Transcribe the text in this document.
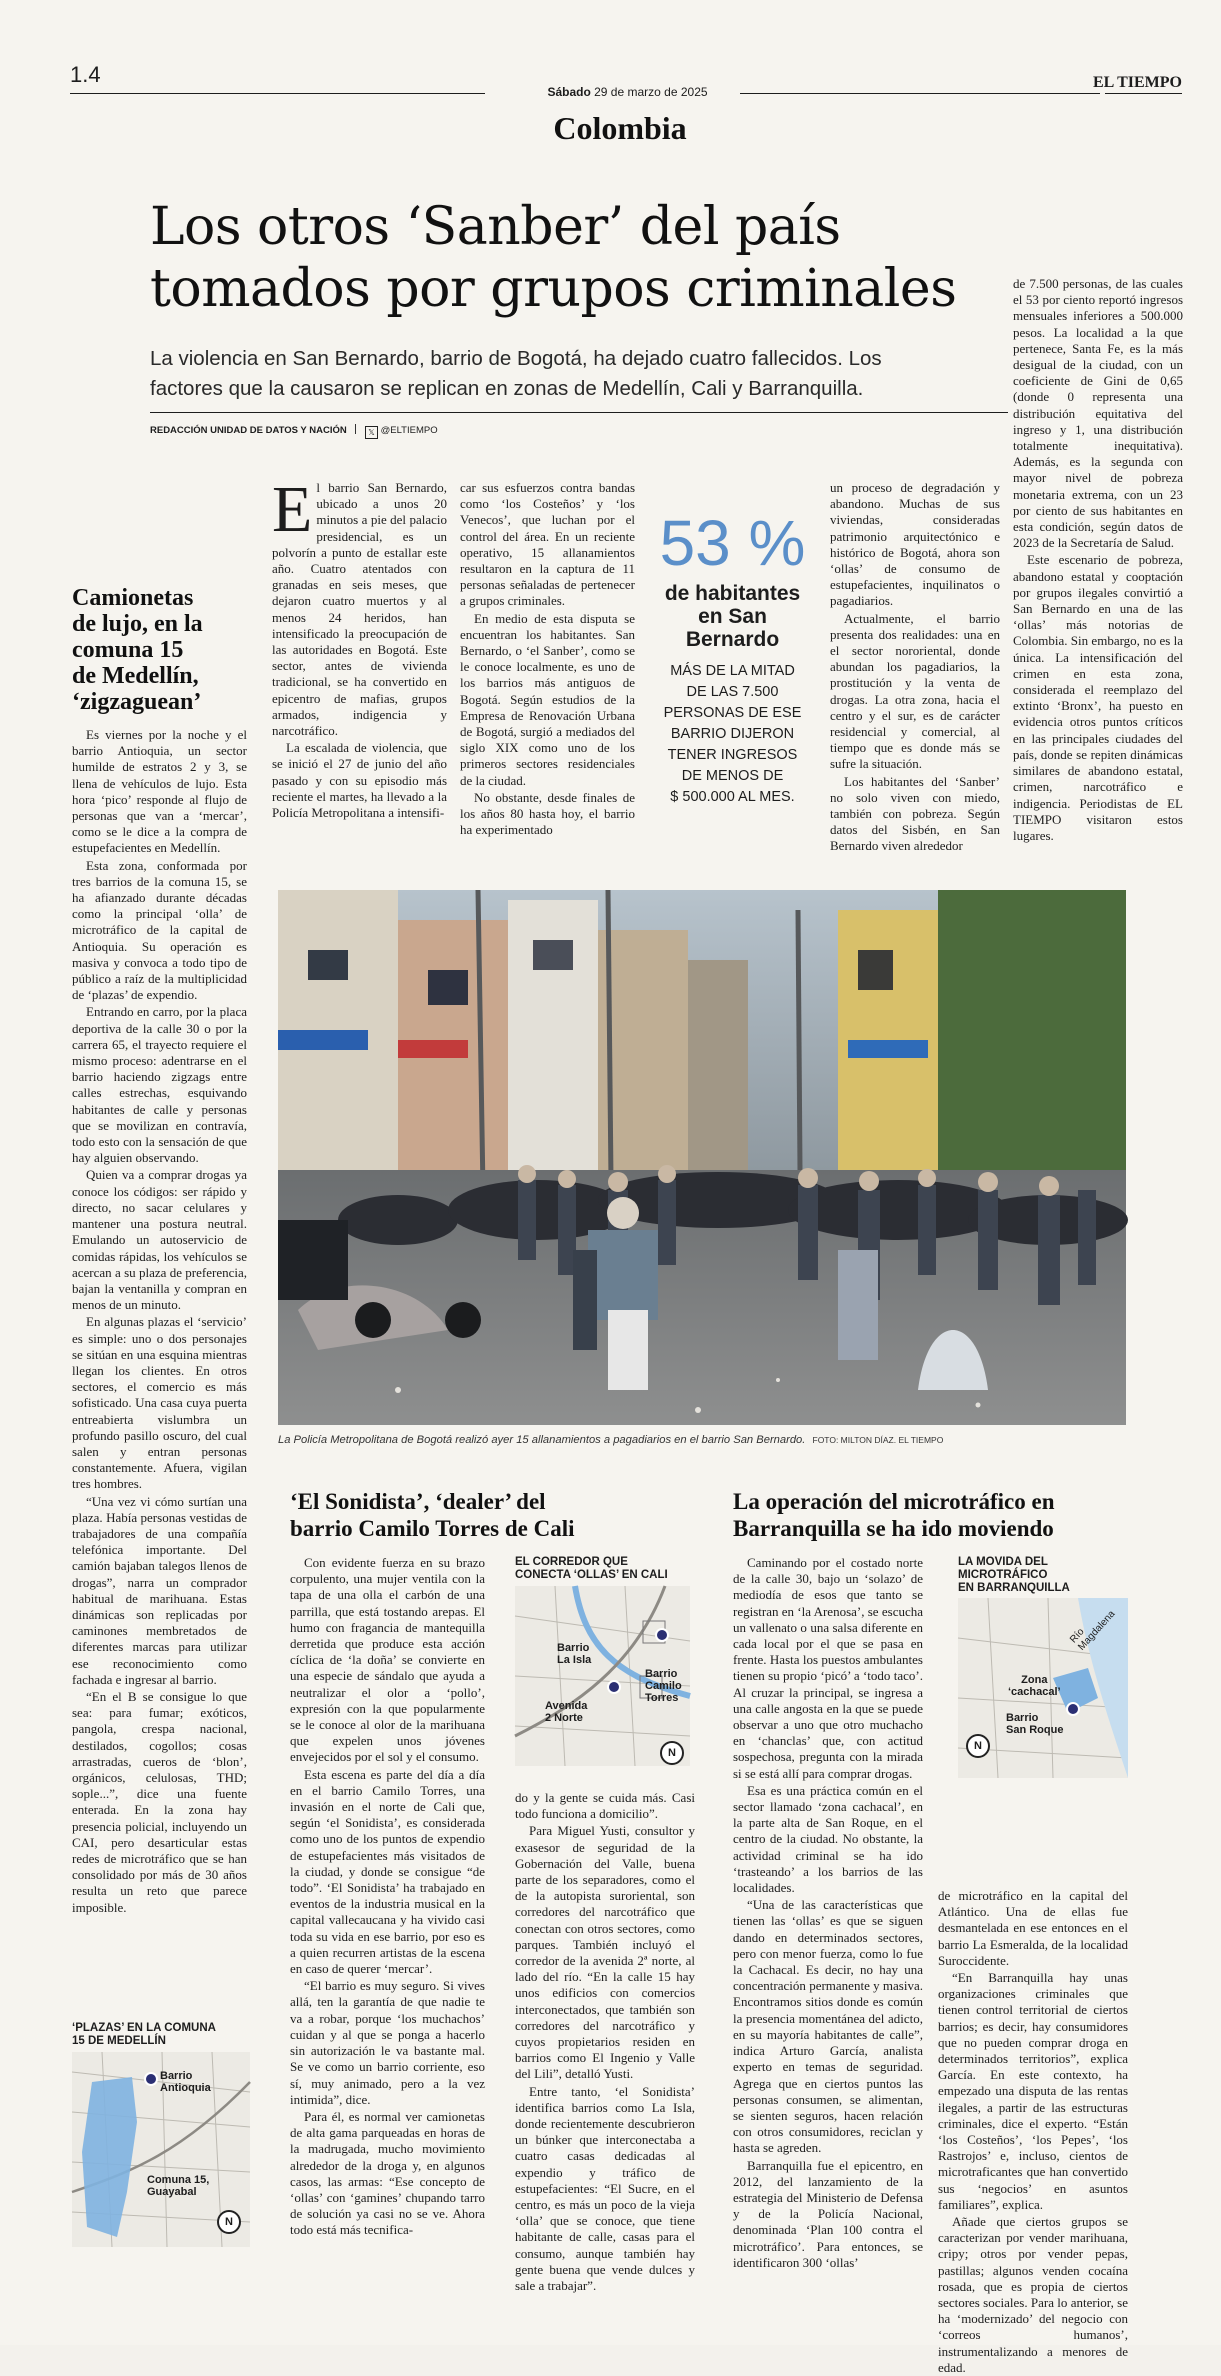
1.4
Sábado 29 de marzo de 2025
EL TIEMPO
Colombia
Los otros ‘Sanber’ del país
tomados por grupos criminales
La violencia en San Bernardo, barrio de Bogotá, ha dejado cuatro fallecidos. Los
factores que la causaron se replican en zonas de Medellín, Cali y Barranquilla.
REDACCIÓN UNIDAD DE DATOS Y NACIÓN	𝕏 @ELTIEMPO
E l barrio San Bernardo, ubicado a unos 20 minutos a pie del palacio presidencial, es un polvorín a punto de estallar este año. Cuatro atentados con granadas en seis meses, que dejaron cuatro muertos y al menos 24 heridos, han intensificado la preocupación de las autoridades en Bogotá. Este sector, antes de vivienda tradicional, se ha convertido en epicentro de mafias, grupos armados, indigencia y narcotráfico.

La escalada de violencia, que se inició el 27 de junio del año pasado y con su episodio más reciente el martes, ha llevado a la Policía Metropolitana a intensifi-

car sus esfuerzos contra bandas como ‘los Costeños’ y ‘los Venecos’, que luchan por el control del área. En un reciente operativo, 15 allanamientos resultaron en la captura de 11 personas señaladas de pertenecer a grupos criminales.

En medio de esta disputa se encuentran los habitantes. San Bernardo, o ‘el Sanber’, como se le conoce localmente, es uno de los barrios más antiguos de Bogotá. Según estudios de la Empresa de Renovación Urbana de Bogotá, surgió a mediados del siglo XIX como uno de los primeros sectores residenciales de la ciudad.

No obstante, desde finales de los años 80 hasta hoy, el barrio ha experimentado

53 %
de habitantes
en San
Bernardo
MÁS DE LA MITAD
DE LAS 7.500
PERSONAS DE ESE
BARRIO DIJERON
TENER INGRESOS
DE MENOS DE
$ 500.000 AL MES.

un proceso de degradación y abandono. Muchas de sus viviendas, consideradas patrimonio arquitectónico e histórico de Bogotá, ahora son ‘ollas’ de consumo de estupefacientes, inquilinatos o pagadiarios.

Actualmente, el barrio presenta dos realidades: una en el sector nororiental, donde abundan los pagadiarios, la prostitución y la venta de drogas. La otra zona, hacia el centro y el sur, es de carácter residencial y comercial, al tiempo que es donde más se sufre la situación.

Los habitantes del ‘Sanber’ no solo viven con miedo, también con pobreza. Según datos del Sisbén, en San Bernardo viven alrededor

de 7.500 personas, de las cuales el 53 por ciento reportó ingresos mensuales inferiores a 500.000 pesos. La localidad a la que pertenece, Santa Fe, es la más desigual de la ciudad, con un coeficiente de Gini de 0,65 (donde 0 representa una distribución equitativa del ingreso y 1, una distribución totalmente inequitativa). Además, es la segunda con mayor nivel de pobreza monetaria extrema, con un 23 por ciento de sus habitantes en esta condición, según datos de 2023 de la Secretaría de Salud.

Este escenario de pobreza, abandono estatal y cooptación por grupos ilegales convirtió a San Bernardo en una de las ‘ollas’ más notorias de Colombia. Sin embargo, no es la única. La intensificación del crimen en esta zona, considerada el reemplazo del extinto ‘Bronx’, ha puesto en evidencia otros puntos críticos en las principales ciudades del país, donde se repiten dinámicas similares de abandono estatal, crimen, narcotráfico e indigencia. Periodistas de EL TIEMPO visitaron estos lugares.

Camionetas
de lujo, en la
comuna 15
de Medellín,
‘zigzaguean’

Es viernes por la noche y el barrio Antioquia, un sector humilde de estratos 2 y 3, se llena de vehículos de lujo. Esta hora ‘pico’ responde al flujo de personas que van a ‘mercar’, como se le dice a la compra de estupefacientes en Medellín.

Esta zona, conformada por tres barrios de la comuna 15, se ha afianzado durante décadas como la principal ‘olla’ de microtráfico de la capital de Antioquia. Su operación es masiva y convoca a todo tipo de público a raíz de la multiplicidad de ‘plazas’ de expendio.

Entrando en carro, por la placa deportiva de la calle 30 o por la carrera 65, el trayecto requiere el mismo proceso: adentrarse en el barrio haciendo zigzags entre calles estrechas, esquivando habitantes de calle y personas que se movilizan en contravía, todo esto con la sensación de que hay alguien observando.

Quien va a comprar drogas ya conoce los códigos: ser rápido y directo, no sacar celulares y mantener una postura neutral. Emulando un autoservicio de comidas rápidas, los vehículos se acercan a su plaza de preferencia, bajan la ventanilla y compran en menos de un minuto.

En algunas plazas el ‘servicio’ es simple: uno o dos personajes se sitúan en una esquina mientras llegan los clientes. En otros sectores, el comercio es más sofisticado. Una casa cuya puerta entreabierta vislumbra un profundo pasillo oscuro, del cual salen y entran personas constantemente. Afuera, vigilan tres hombres.

“Una vez vi cómo surtían una plaza. Había personas vestidas de trabajadores de una compañía telefónica importante. Del camión bajaban talegos llenos de drogas”, narra un comprador habitual de marihuana. Estas dinámicas son replicadas por caminones membretados de diferentes marcas para utilizar ese reconocimiento como fachada e ingresar al barrio.

“En el B se consigue lo que sea: para fumar; exóticos, pangola, crespa nacional, destilados, cogollos; cosas arrastradas, cueros de ‘blon’, orgánicos, celulosas, THD; sople...”, dice una fuente enterada. En la zona hay presencia policial, incluyendo un CAI, pero desarticular estas redes de microtráfico que se han consolidado por más de 30 años resulta un reto que parece imposible.

‘PLAZAS’ EN LA COMUNA
15 DE MEDELLÍN
Barrio
Antioquia
Comuna 15,
Guayabal
N
La Policía Metropolitana de Bogotá realizó ayer 15 allanamientos a pagadiarios en el barrio San Bernardo. FOTO: MILTON DÍAZ. EL TIEMPO
‘El Sonidista’, ‘dealer’ del
barrio Camilo Torres de Cali

Con evidente fuerza en su brazo corpulento, una mujer ventila con la tapa de una olla el carbón de una parrilla, que está tostando arepas. El humo con fragancia de mantequilla derretida que produce esta acción cíclica de ‘la doña’ se convierte en una especie de sándalo que ayuda a neutralizar el olor a ‘pollo’, expresión con la que popularmente se le conoce al olor de la marihuana que expelen unos jóvenes envejecidos por el sol y el consumo.

Esta escena es parte del día a día en el barrio Camilo Torres, una invasión en el norte de Cali que, según ‘el Sonidista’, es considerada como uno de los puntos de expendio de estupefacientes más visitados de la ciudad, y donde se consigue “de todo”. ‘El Sonidista’ ha trabajado en eventos de la industria musical en la capital vallecaucana y ha vivido casi toda su vida en ese barrio, por eso es a quien recurren artistas de la escena en caso de querer ‘mercar’.

“El barrio es muy seguro. Si vives allá, ten la garantía de que nadie te va a robar, porque ‘los muchachos’ cuidan y al que se ponga a hacerlo sin autorización le va bastante mal. Se ve como un barrio corriente, eso sí, muy animado, pero a la vez intimida”, dice.

Para él, es normal ver camionetas de alta gama parqueadas en horas de la madrugada, mucho movimiento alrededor de la droga y, en algunos casos, las armas: “Ese concepto de ‘ollas’ con ‘gamines’ chupando tarro de solución ya casi no se ve. Ahora todo está más tecnifica-

EL CORREDOR QUE
CONECTA ‘OLLAS’ EN CALI
Barrio
La Isla
Barrio
Camilo
Torres
Avenida
2 Norte
N

do y la gente se cuida más. Casi todo funciona a domicilio”.

Para Miguel Yusti, consultor y exasesor de seguridad de la Gobernación del Valle, buena parte de los separadores, como el de la autopista suroriental, son corredores del narcotráfico que conectan con otros sectores, como parques. También incluyó el corredor de la avenida 2ª norte, al lado del río. “En la calle 15 hay unos edificios con comercios interconectados, que también son corredores del narcotráfico y cuyos propietarios residen en barrios como El Ingenio y Valle del Lili”, detalló Yusti.

Entre tanto, ‘el Sonidista’ identifica barrios como La Isla, donde recientemente descubrieron un búnker que interconectaba a cuatro casas dedicadas al expendio y tráfico de estupefacientes: “El Sucre, en el centro, es más un poco de la vieja ‘olla’ que se conoce, que tiene habitante de calle, casas para el consumo, aunque también hay gente buena que vende dulces y sale a trabajar”.

La operación del microtráfico en
Barranquilla se ha ido moviendo

Caminando por el costado norte de la calle 30, bajo un ‘solazo’ de mediodía de esos que tanto se registran en ‘la Arenosa’, se escucha un vallenato o una salsa diferente en cada local por el que se pasa en frente. Hasta los puestos ambulantes tienen su propio ‘picó’ a ‘todo taco’. Al cruzar la principal, se ingresa a una calle angosta en la que se puede observar a uno que otro muchacho en ‘chanclas’ que, con actitud sospechosa, pregunta con la mirada si se está allí para comprar drogas.

Esa es una práctica común en el sector llamado ‘zona cachacal’, en la parte alta de San Roque, en el centro de la ciudad. No obstante, la actividad criminal se ha ido ‘trasteando’ a los barrios de las localidades.

“Una de las características que tienen las ‘ollas’ es que se siguen dando en determinados sectores, pero con menor fuerza, como lo fue la Cachacal. Es decir, no hay una concentración permanente y masiva. Encontramos sitios donde es común la presencia momentánea del adicto, en su mayoría habitantes de calle”, indica Arturo García, analista experto en temas de seguridad. Agrega que en ciertos puntos las personas consumen, se alimentan, se sienten seguros, hacen relación con otros consumidores, reciclan y hasta se agreden.

Barranquilla fue el epicentro, en 2012, del lanzamiento de la estrategia del Ministerio de Defensa y de la Policía Nacional, denominada ‘Plan 100 contra el microtráfico’. Para entonces, se identificaron 300 ‘ollas’

LA MOVIDA DEL
MICROTRÁFICO
EN BARRANQUILLA
Río Magdalena
Zona
‘cachacal’
Barrio
San Roque
N

de microtráfico en la capital del Atlántico. Una de ellas fue desmantelada en ese entonces en el barrio La Esmeralda, de la localidad Suroccidente.

“En Barranquilla hay unas organizaciones criminales que tienen control territorial de ciertos barrios; es decir, hay consumidores que no pueden comprar droga en determinados territorios”, explica García. En este contexto, ha empezado una disputa de las rentas ilegales, a partir de las estructuras criminales, dice el experto. “Están ‘los Costeños’, ‘los Pepes’, ‘los Rastrojos’ e, incluso, cientos de microtraficantes que han convertido sus ‘negocios’ en asuntos familiares”, explica.

Añade que ciertos grupos se caracterizan por vender marihuana, cripy; otros por vender pepas, pastillas; algunos venden cocaína rosada, que es propia de ciertos sectores sociales. Para lo anterior, se ha ‘modernizado’ del negocio con ‘correos humanos’, instrumentalizando a menores de edad.
